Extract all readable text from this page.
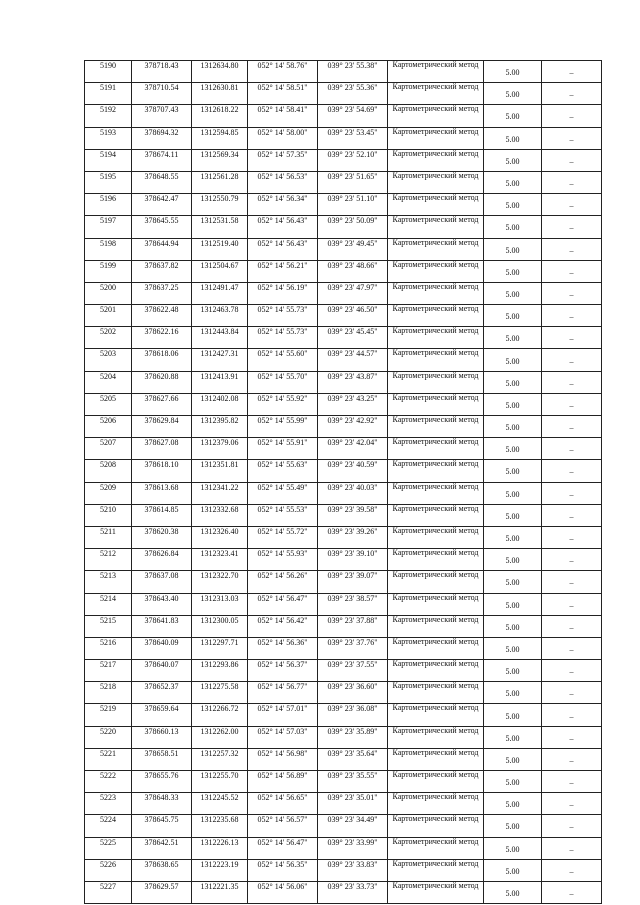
5190	378718.43	1312634.80	052° 14' 58.76"	039° 23' 55.38"	Картометрический метод	5.00	–
5191	378710.54	1312630.81	052° 14' 58.51"	039° 23' 55.36"	Картометрический метод	5.00	–
5192	378707.43	1312618.22	052° 14' 58.41"	039° 23' 54.69"	Картометрический метод	5.00	–
5193	378694.32	1312594.85	052° 14' 58.00"	039° 23' 53.45"	Картометрический метод	5.00	–
5194	378674.11	1312569.34	052° 14' 57.35"	039° 23' 52.10"	Картометрический метод	5.00	–
5195	378648.55	1312561.28	052° 14' 56.53"	039° 23' 51.65"	Картометрический метод	5.00	–
5196	378642.47	1312550.79	052° 14' 56.34"	039° 23' 51.10"	Картометрический метод	5.00	–
5197	378645.55	1312531.58	052° 14' 56.43"	039° 23' 50.09"	Картометрический метод	5.00	–
5198	378644.94	1312519.40	052° 14' 56.43"	039° 23' 49.45"	Картометрический метод	5.00	–
5199	378637.82	1312504.67	052° 14' 56.21"	039° 23' 48.66"	Картометрический метод	5.00	–
5200	378637.25	1312491.47	052° 14' 56.19"	039° 23' 47.97"	Картометрический метод	5.00	–
5201	378622.48	1312463.78	052° 14' 55.73"	039° 23' 46.50"	Картометрический метод	5.00	–
5202	378622.16	1312443.84	052° 14' 55.73"	039° 23' 45.45"	Картометрический метод	5.00	–
5203	378618.06	1312427.31	052° 14' 55.60"	039° 23' 44.57"	Картометрический метод	5.00	–
5204	378620.88	1312413.91	052° 14' 55.70"	039° 23' 43.87"	Картометрический метод	5.00	–
5205	378627.66	1312402.08	052° 14' 55.92"	039° 23' 43.25"	Картометрический метод	5.00	–
5206	378629.84	1312395.82	052° 14' 55.99"	039° 23' 42.92"	Картометрический метод	5.00	–
5207	378627.08	1312379.06	052° 14' 55.91"	039° 23' 42.04"	Картометрический метод	5.00	–
5208	378618.10	1312351.81	052° 14' 55.63"	039° 23' 40.59"	Картометрический метод	5.00	–
5209	378613.68	1312341.22	052° 14' 55.49"	039° 23' 40.03"	Картометрический метод	5.00	–
5210	378614.85	1312332.68	052° 14' 55.53"	039° 23' 39.58"	Картометрический метод	5.00	–
5211	378620.38	1312326.40	052° 14' 55.72"	039° 23' 39.26"	Картометрический метод	5.00	–
5212	378626.84	1312323.41	052° 14' 55.93"	039° 23' 39.10"	Картометрический метод	5.00	–
5213	378637.08	1312322.70	052° 14' 56.26"	039° 23' 39.07"	Картометрический метод	5.00	–
5214	378643.40	1312313.03	052° 14' 56.47"	039° 23' 38.57"	Картометрический метод	5.00	–
5215	378641.83	1312300.05	052° 14' 56.42"	039° 23' 37.88"	Картометрический метод	5.00	–
5216	378640.09	1312297.71	052° 14' 56.36"	039° 23' 37.76"	Картометрический метод	5.00	–
5217	378640.07	1312293.86	052° 14' 56.37"	039° 23' 37.55"	Картометрический метод	5.00	–
5218	378652.37	1312275.58	052° 14' 56.77"	039° 23' 36.60"	Картометрический метод	5.00	–
5219	378659.64	1312266.72	052° 14' 57.01"	039° 23' 36.08"	Картометрический метод	5.00	–
5220	378660.13	1312262.00	052° 14' 57.03"	039° 23' 35.89"	Картометрический метод	5.00	–
5221	378658.51	1312257.32	052° 14' 56.98"	039° 23' 35.64"	Картометрический метод	5.00	–
5222	378655.76	1312255.70	052° 14' 56.89"	039° 23' 35.55"	Картометрический метод	5.00	–
5223	378648.33	1312245.52	052° 14' 56.65"	039° 23' 35.01"	Картометрический метод	5.00	–
5224	378645.75	1312235.68	052° 14' 56.57"	039° 23' 34.49"	Картометрический метод	5.00	–
5225	378642.51	1312226.13	052° 14' 56.47"	039° 23' 33.99"	Картометрический метод	5.00	–
5226	378638.65	1312223.19	052° 14' 56.35"	039° 23' 33.83"	Картометрический метод	5.00	–
5227	378629.57	1312221.35	052° 14' 56.06"	039° 23' 33.73"	Картометрический метод	5.00	–
